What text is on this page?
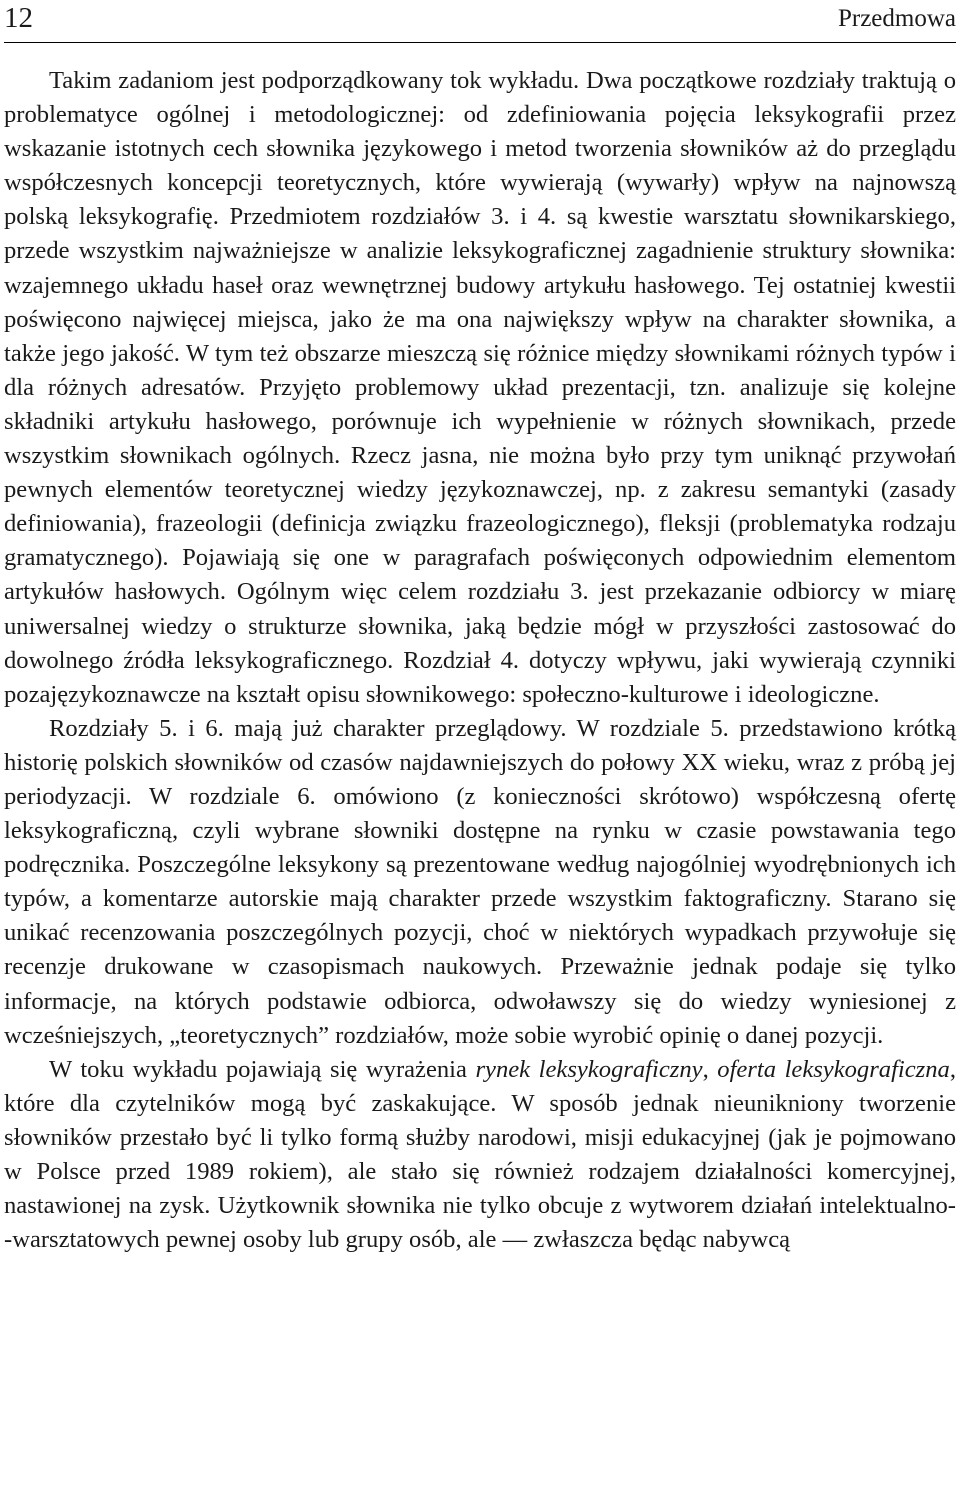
12	Przedmowa

Takim zadaniom jest podporządkowany tok wykładu. Dwa początkowe rozdziały traktują o problematyce ogólnej i metodologicznej: od zdefiniowania pojęcia leksykografii przez wskazanie istotnych cech słownika językowego i metod tworzenia słowników aż do przeglądu współczesnych koncepcji teoretycznych, które wywierają (wywarły) wpływ na najnowszą polską leksykografię. Przedmiotem rozdziałów 3. i 4. są kwestie warsztatu słownikarskiego, przede wszystkim najważniejsze w analizie leksykograficznej zagadnienie struktury słownika: wzajemnego układu haseł oraz wewnętrznej budowy artykułu hasłowego. Tej ostatniej kwestii poświęcono najwięcej miejsca, jako że ma ona największy wpływ na charakter słownika, a także jego jakość. W tym też obszarze mieszczą się różnice między słownikami różnych typów i dla różnych adresatów. Przyjęto problemowy układ prezentacji, tzn. analizuje się kolejne składniki artykułu hasłowego, porównuje ich wypełnienie w różnych słownikach, przede wszystkim słownikach ogólnych. Rzecz jasna, nie można było przy tym uniknąć przywołań pewnych elementów teoretycznej wiedzy językoznawczej, np. z zakresu semantyki (zasady definiowania), frazeologii (definicja związku frazeologicznego), fleksji (problematyka rodzaju gramatycznego). Pojawiają się one w paragrafach poświęconych odpowiednim elementom artykułów hasłowych. Ogólnym więc celem rozdziału 3. jest przekazanie odbiorcy w miarę uniwersalnej wiedzy o strukturze słownika, jaką będzie mógł w przyszłości zastosować do dowolnego źródła leksykograficznego. Rozdział 4. dotyczy wpływu, jaki wywierają czynniki pozajęzykoznawcze na kształt opisu słownikowego: społeczno-kulturowe i ideologiczne.

Rozdziały 5. i 6. mają już charakter przeglądowy. W rozdziale 5. przedstawiono krótką historię polskich słowników od czasów najdawniejszych do połowy XX wieku, wraz z próbą jej periodyzacji. W rozdziale 6. omówiono (z konieczności skrótowo) współczesną ofertę leksykograficzną, czyli wybrane słowniki dostępne na rynku w czasie powstawania tego podręcznika. Poszczególne leksykony są prezentowane według najogólniej wyodrębnionych ich typów, a komentarze autorskie mają charakter przede wszystkim faktograficzny. Starano się unikać recenzowania poszczególnych pozycji, choć w niektórych wypadkach przywołuje się recenzje drukowane w czasopismach naukowych. Przeważnie jednak podaje się tylko informacje, na których podstawie odbiorca, odwoławszy się do wiedzy wyniesionej z wcześniejszych, „teoretycznych” rozdziałów, może sobie wyrobić opinię o danej pozycji.

W toku wykładu pojawiają się wyrażenia rynek leksykograficzny, oferta leksykograficzna, które dla czytelników mogą być zaskakujące. W sposób jednak nieunikniony tworzenie słowników przestało być li tylko formą służby narodowi, misji edukacyjnej (jak je pojmowano w Polsce przed 1989 rokiem), ale stało się również rodzajem działalności komercyjnej, nastawionej na zysk. Użytkownik słownika nie tylko obcuje z wytworem działań intelektualno-‑warsztatowych pewnej osoby lub grupy osób, ale — zwłaszcza będąc nabywcą
